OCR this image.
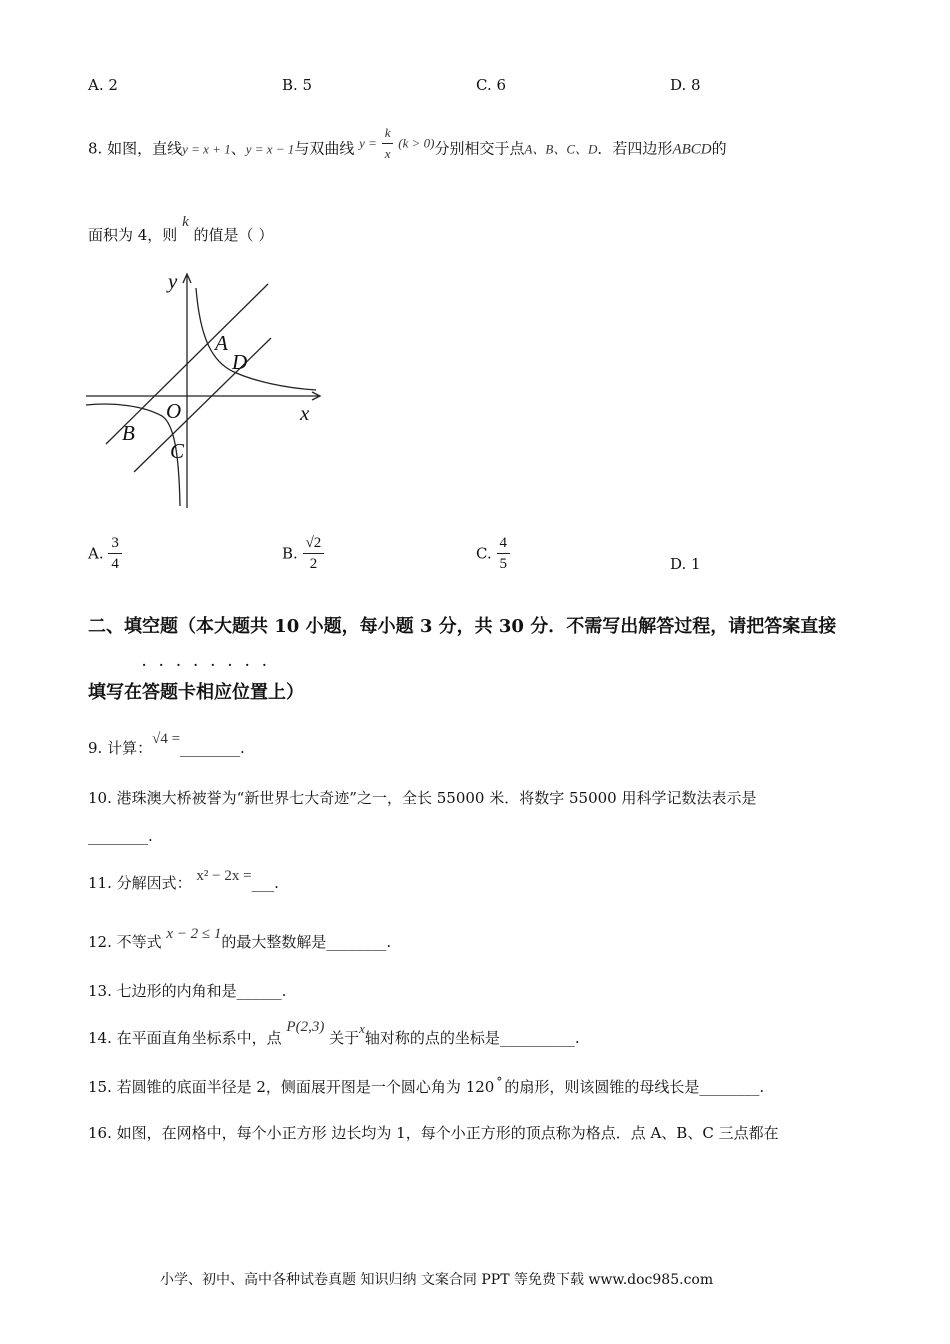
A. 2	B. 5	C. 6	D. 8
8. 如图，直线y = x + 1、y = x − 1与双曲线 $y = \frac{k}{x} (k > 0)$分别相交于点A、B、C、D．若四边形ABCD的
面积为 4，则 k 的值是（ ）
y
x
O
A
D
B
C
A. $\frac{3}{4}$	B. $\frac{√2}{2}$	C. $\frac{4}{5}$	D. 1
二、填空题（本大题共 10 小题，每小题 3 分，共 30 分．不需写出解答过程，请把答案直接
填写在
········
答题卡相应位置上）
9. 计算：√4 =________.
10. 港珠澳大桥被誉为“新世界七大奇迹”之一，全长 55000 米．将数字 55000 用科学记数法表示是
________.
11. 分解因式： x² − 2x =___.
12. 不等式 x − 2 ≤ 1的最大整数解是________.
13. 七边形的内角和是______.
14. 在平面直角坐标系中，点 P(2,3) 关于x轴对称的点的坐标是__________.
15. 若圆锥的底面半径是 2，侧面展开图是一个圆心角为 120 ° 的扇形，则该圆锥的母线长是________.
16. 如图，在网格中，每个小正方形 边长均为 1，每个小正方形的顶点称为格点．点 A、B、C 三点都在
小学、初中、高中各种试卷真题 知识归纳 文案合同 PPT 等免费下载 www.doc985.com
